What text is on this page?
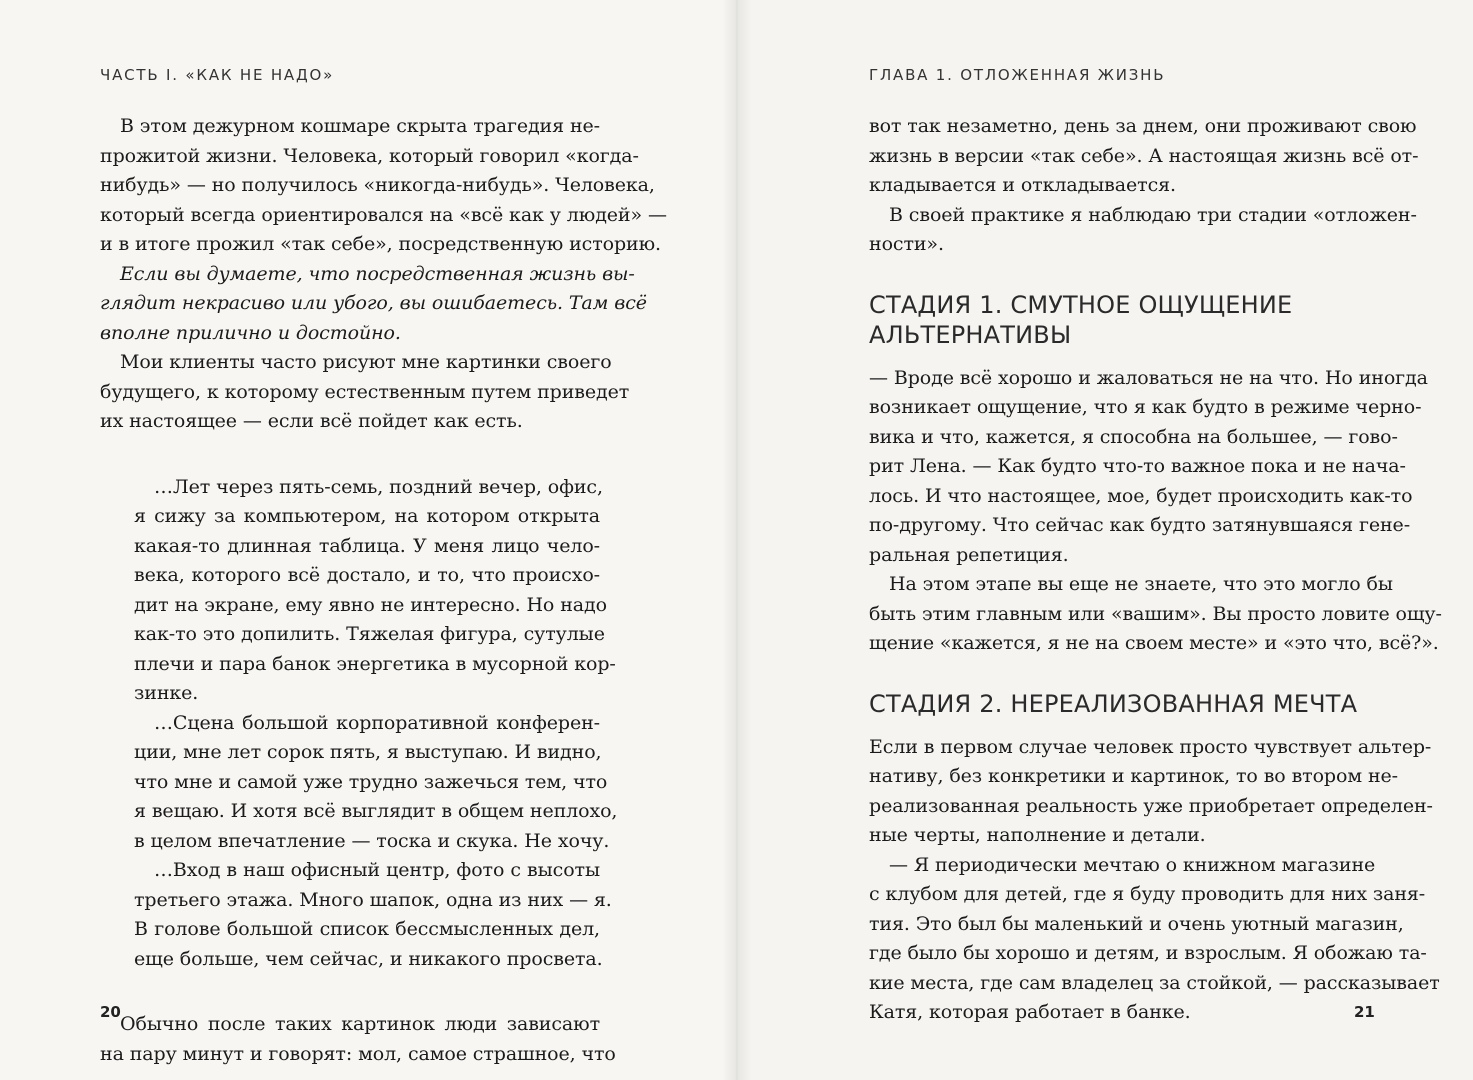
ЧАСТЬ I. «КАК НЕ НАДО»

В этом дежурном кошмаре скрыта трагедия не-
прожитой жизни. Человека, который говорил «когда-
нибудь» — но получилось «никогда-нибудь». Человека,
который всегда ориентировался на «всё как у людей» —
и в итоге прожил «так себе», посредственную историю.

Если вы думаете, что посредственная жизнь вы-
глядит некрасиво или убого, вы ошибаетесь. Там всё
вполне прилично и достойно.

Мои клиенты часто рисуют мне картинки своего
будущего, к которому естественным путем приведет
их настоящее — если всё пойдет как есть.

…Лет через пять-семь, поздний вечер, офис,
я сижу за компьютером, на котором открыта
какая-то длинная таблица. У меня лицо чело-
века, которого всё достало, и то, что происхо-
дит на экране, ему явно не интересно. Но надо
как-то это допилить. Тяжелая фигура, сутулые
плечи и пара банок энергетика в мусорной кор-
зинке.

…Сцена большой корпоративной конферен-
ции, мне лет сорок пять, я выступаю. И видно,
что мне и самой уже трудно зажечься тем, что
я вещаю. И хотя всё выглядит в общем неплохо,
в целом впечатление — тоска и скука. Не хочу.

…Вход в наш офисный центр, фото с высоты
третьего этажа. Много шапок, одна из них — я.
В голове большой список бессмысленных дел,
еще больше, чем сейчас, и никакого просвета.

Обычно после таких картинок люди зависают
на пару минут и говорят: мол, самое страшное, что

20
ГЛАВА 1. ОТЛОЖЕННАЯ ЖИЗНЬ

вот так незаметно, день за днем, они проживают свою
жизнь в версии «так себе». А настоящая жизнь всё от-
кладывается и откладывается.

В своей практике я наблюдаю три стадии «отложен-
ности».

СТАДИЯ 1. СМУТНОЕ ОЩУЩЕНИЕ
АЛЬТЕРНАТИВЫ

— Вроде всё хорошо и жаловаться не на что. Но иногда
возникает ощущение, что я как будто в режиме черно-
вика и что, кажется, я способна на большее, — гово-
рит Лена. — Как будто что-то важное пока и не нача-
лось. И что настоящее, мое, будет происходить как-то
по-другому. Что сейчас как будто затянувшаяся гене-
ральная репетиция.

На этом этапе вы еще не знаете, что это могло бы
быть этим главным или «вашим». Вы просто ловите ощу-
щение «кажется, я не на своем месте» и «это что, всё?».

СТАДИЯ 2. НЕРЕАЛИЗОВАННАЯ МЕЧТА

Если в первом случае человек просто чувствует альтер-
нативу, без конкретики и картинок, то во втором не-
реализованная реальность уже приобретает определен-
ные черты, наполнение и детали.

— Я периодически мечтаю о книжном магазине
с клубом для детей, где я буду проводить для них заня-
тия. Это был бы маленький и очень уютный магазин,
где было бы хорошо и детям, и взрослым. Я обожаю та-
кие места, где сам владелец за стойкой, — рассказывает
Катя, которая работает в банке.	21
